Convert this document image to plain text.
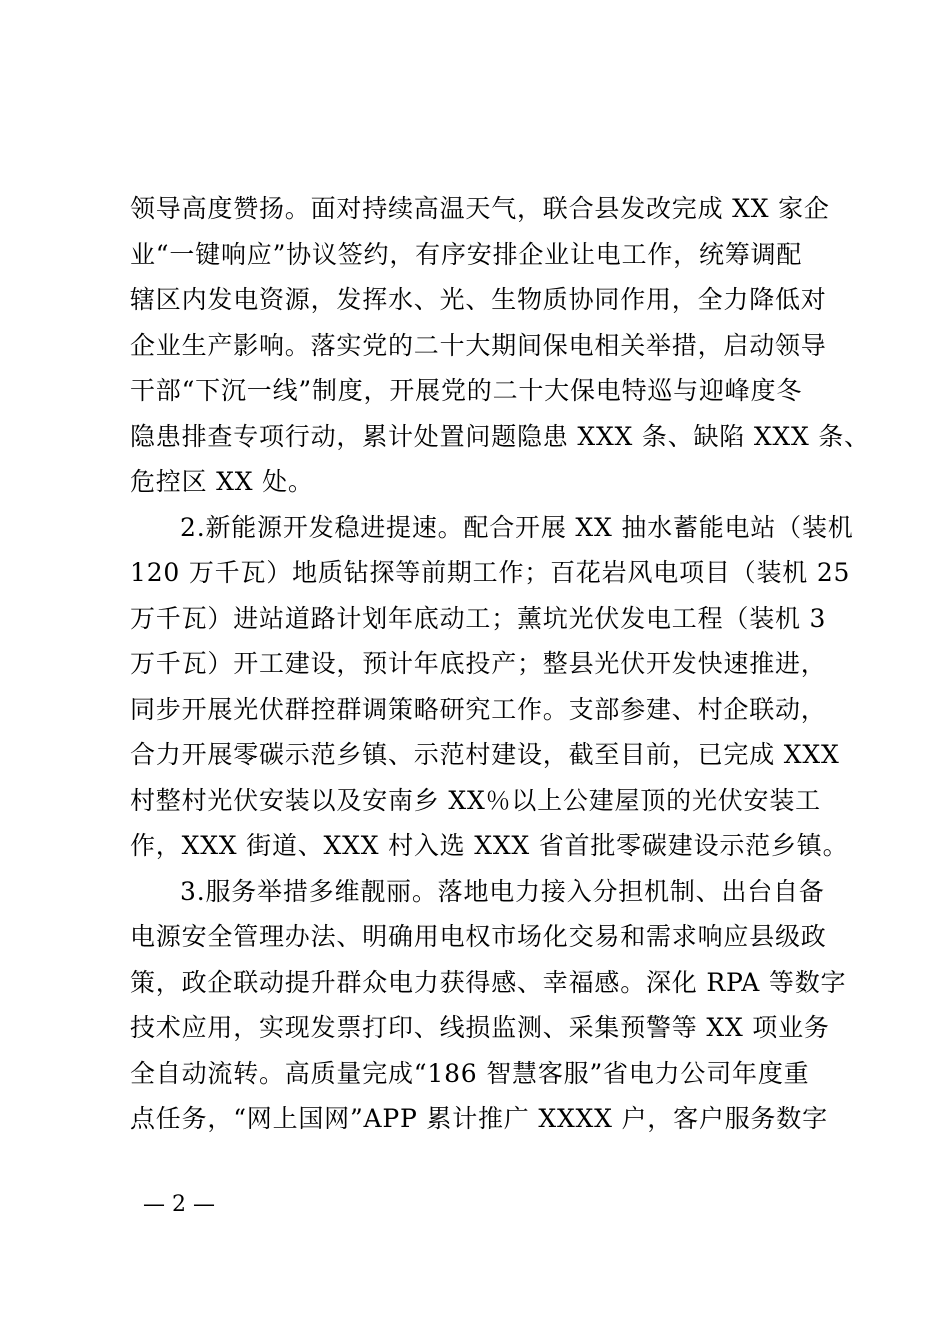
领导高度赞扬。面对持续高温天气，联合县发改完成 XX 家企
业“一键响应”协议签约，有序安排企业让电工作，统筹调配
辖区内发电资源，发挥水、光、生物质协同作用，全力降低对
企业生产影响。落实党的二十大期间保电相关举措，启动领导
干部“下沉一线”制度，开展党的二十大保电特巡与迎峰度冬
隐患排查专项行动，累计处置问题隐患 XXX 条、缺陷 XXX 条、
危控区 XX 处。
2.新能源开发稳进提速。配合开展 XX 抽水蓄能电站（装机
120 万千瓦）地质钻探等前期工作；百花岩风电项目（装机 25
万千瓦）进站道路计划年底动工；薰坑光伏发电工程（装机 3
万千瓦）开工建设，预计年底投产；整县光伏开发快速推进，
同步开展光伏群控群调策略研究工作。支部参建、村企联动，
合力开展零碳示范乡镇、示范村建设，截至目前，已完成 XXX
村整村光伏安装以及安南乡 XX％以上公建屋顶的光伏安装工
作，XXX 街道、XXX 村入选 XXX 省首批零碳建设示范乡镇。
3.服务举措多维靓丽。落地电力接入分担机制、出台自备
电源安全管理办法、明确用电权市场化交易和需求响应县级政
策，政企联动提升群众电力获得感、幸福感。深化 RPA 等数字
技术应用，实现发票打印、线损监测、采集预警等 XX 项业务
全自动流转。高质量完成“186 智慧客服”省电力公司年度重
点任务，“网上国网”APP 累计推广 XXXX 户，客户服务数字
— 2 —
